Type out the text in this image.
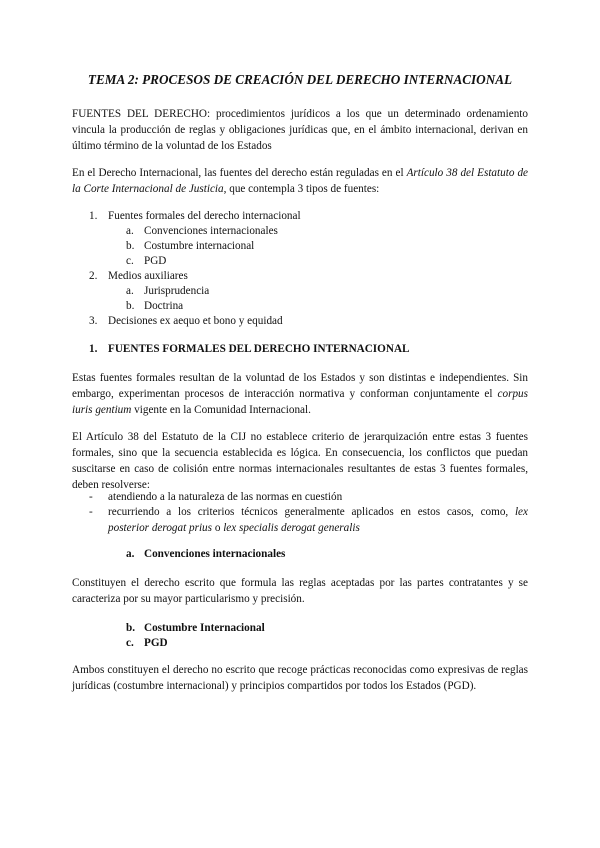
TEMA 2: PROCESOS DE CREACIÓN DEL DERECHO INTERNACIONAL

FUENTES DEL DERECHO: procedimientos jurídicos a los que un determinado ordenamiento vincula la producción de reglas y obligaciones jurídicas que, en el ámbito internacional, derivan en último término de la voluntad de los Estados

En el Derecho Internacional, las fuentes del derecho están reguladas en el Artículo 38 del Estatuto de la Corte Internacional de Justicia, que contempla 3 tipos de fuentes:

1. Fuentes formales del derecho internacional
a. Convenciones internacionales
b. Costumbre internacional
c. PGD
2. Medios auxiliares
a. Jurisprudencia
b. Doctrina
3. Decisiones ex aequo et bono y equidad
1. FUENTES FORMALES DEL DERECHO INTERNACIONAL

Estas fuentes formales resultan de la voluntad de los Estados y son distintas e independientes. Sin embargo, experimentan procesos de interacción normativa y conforman conjuntamente el corpus iuris gentium vigente en la Comunidad Internacional.

El Artículo 38 del Estatuto de la CIJ no establece criterio de jerarquización entre estas 3 fuentes formales, sino que la secuencia establecida es lógica. En consecuencia, los conflictos que puedan suscitarse en caso de colisión entre normas internacionales resultantes de estas 3 fuentes formales, deben resolverse:

- atendiendo a la naturaleza de las normas en cuestión
- recurriendo a los criterios técnicos generalmente aplicados en estos casos, como, lex posterior derogat prius o lex specialis derogat generalis

a. Convenciones internacionales

Constituyen el derecho escrito que formula las reglas aceptadas por las partes contratantes y se caracteriza por su mayor particularismo y precisión.

b. Costumbre Internacional
c. PGD

Ambos constituyen el derecho no escrito que recoge prácticas reconocidas como expresivas de reglas jurídicas (costumbre internacional) y principios compartidos por todos los Estados (PGD).
